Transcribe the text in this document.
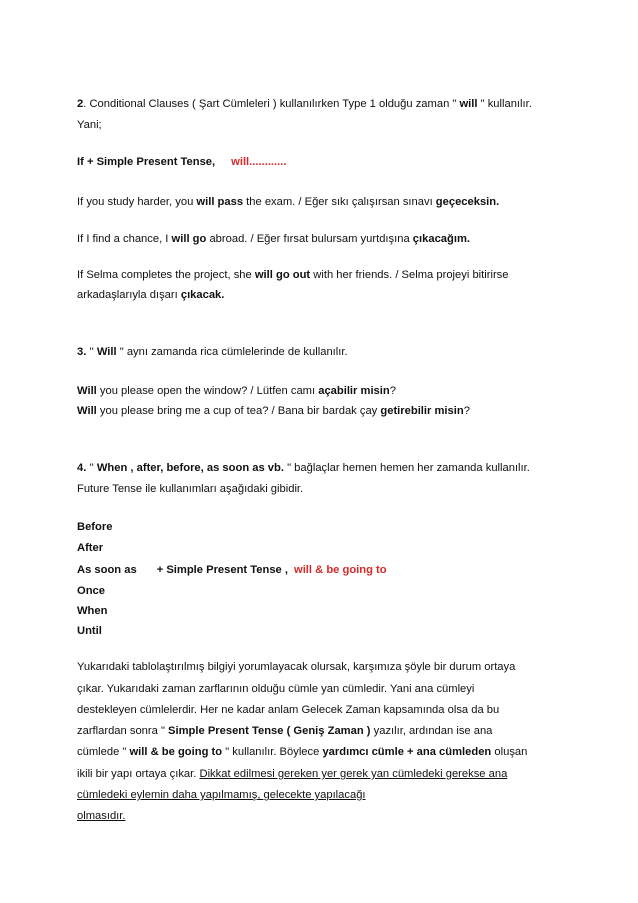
2. Conditional Clauses ( Şart Cümleleri ) kullanılırken Type 1 olduğu zaman " will " kullanılır.
Yani;
If + Simple Present Tense, will............
If you study harder, you will pass the exam. / Eğer sıkı çalışırsan sınavı geçeceksin.
If I find a chance, I will go abroad. / Eğer fırsat bulursam yurtdışına çıkacağım.
If Selma completes the project, she will go out with her friends. / Selma projeyi bitirirse
arkadaşlarıyla dışarı çıkacak.
3. '' Will " aynı zamanda rica cümlelerinde de kullanılır.
Will you please open the window? / Lütfen camı açabilir misin?
Will you please bring me a cup of tea? / Bana bir bardak çay getirebilir misin?
4. '' When , after, before, as soon as vb. " bağlaçlar hemen hemen her zamanda kullanılır.
Future Tense ile kullanımları aşağıdaki gibidir.
Before
After
As soon as + Simple Present Tense , will & be going to
Once
When
Until
Yukarıdaki tablolaştırılmış bilgiyi yorumlayacak olursak, karşımıza şöyle bir durum ortaya
çıkar. Yukarıdaki zaman zarflarının olduğu cümle yan cümledir. Yani ana cümleyi
destekleyen cümlelerdir. Her ne kadar anlam Gelecek Zaman kapsamında olsa da bu
zarflardan sonra " Simple Present Tense ( Geniş Zaman ) yazılır, ardından ise ana
cümlede " will & be going to " kullanılır. Böylece yardımcı cümle + ana cümleden oluşan
ikili bir yapı ortaya çıkar. Dikkat edilmesi gereken yer gerek yan cümledeki gerekse ana
cümledeki eylemin daha yapılmamış, gelecekte yapılacağı
olmasıdır.
